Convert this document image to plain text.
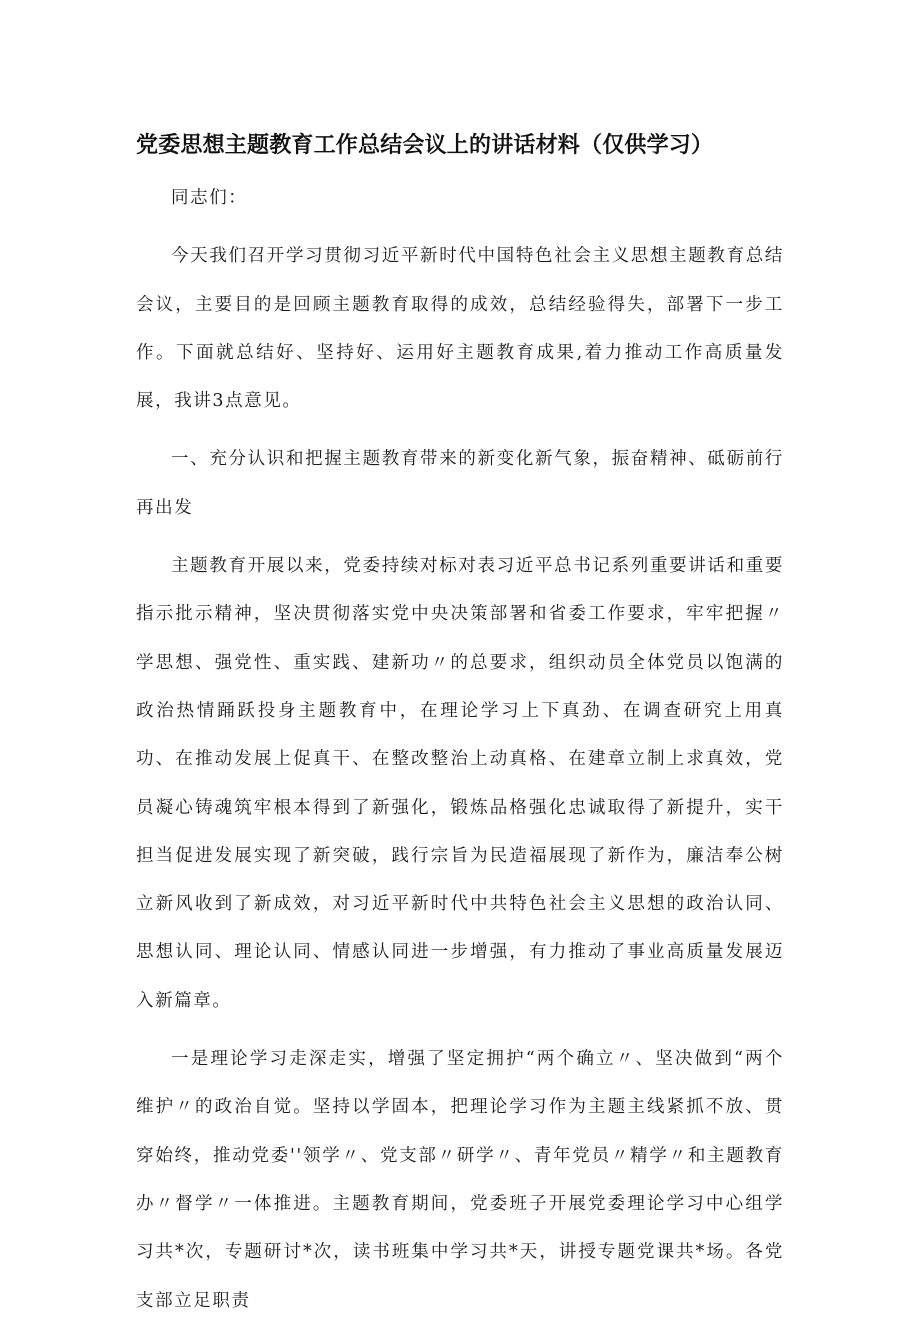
党委思想主题教育工作总结会议上的讲话材料（仅供学习）

同志们：

今天我们召开学习贯彻习近平新时代中国特色社会主义思想主题教育总结会议，主要目的是回顾主题教育取得的成效，总结经验得失，部署下一步工作。下面就总结好、坚持好、运用好主题教育成果,着力推动工作高质量发展，我讲3点意见。

一、充分认识和把握主题教育带来的新变化新气象，振奋精神、砥砺前行再出发

主题教育开展以来，党委持续对标对表习近平总书记系列重要讲话和重要指示批示精神，坚决贯彻落实党中央决策部署和省委工作要求，牢牢把握〃学思想、强党性、重实践、建新功〃的总要求，组织动员全体党员以饱满的政治热情踊跃投身主题教育中，在理论学习上下真劲、在调查研究上用真功、在推动发展上促真干、在整改整治上动真格、在建章立制上求真效，党员凝心铸魂筑牢根本得到了新强化，锻炼品格强化忠诚取得了新提升，实干担当促进发展实现了新突破，践行宗旨为民造福展现了新作为，廉洁奉公树立新风收到了新成效，对习近平新时代中共特色社会主义思想的政治认同、思想认同、理论认同、情感认同进一步增强，有力推动了事业高质量发展迈入新篇章。

一是理论学习走深走实，增强了坚定拥护“两个确立〃、坚决做到“两个维护〃的政治自觉。坚持以学固本，把理论学习作为主题主线紧抓不放、贯穿始终，推动党委''领学〃、党支部〃研学〃、青年党员〃精学〃和主题教育办〃督学〃一体推进。主题教育期间，党委班子开展党委理论学习中心组学习共*次，专题研讨*次，读书班集中学习共*天，讲授专题党课共*场。各党支部立足职责
